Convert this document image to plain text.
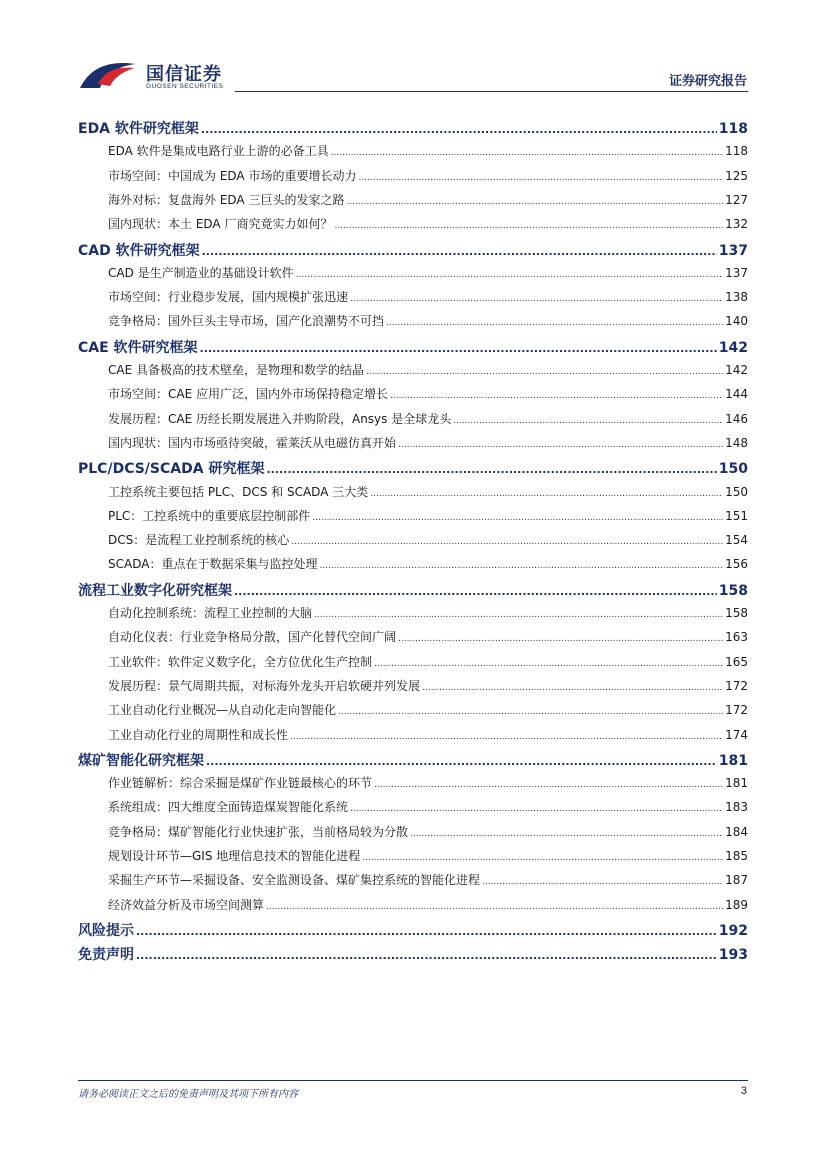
国信证券
GUOSEN SECURITIES	证券研究报告
EDA 软件研究框架 .....	118
EDA 软件是集成电路行业上游的必备工具 .....	118
市场空间：中国成为 EDA 市场的重要增长动力 .....	125
海外对标：复盘海外 EDA 三巨头的发家之路 .....	127
国内现状：本土 EDA 厂商究竟实力如何？ .....	132
CAD 软件研究框架 .....	137
CAD 是生产制造业的基础设计软件 .....	137
市场空间：行业稳步发展，国内规模扩张迅速 .....	138
竞争格局：国外巨头主导市场，国产化浪潮势不可挡 .....	140
CAE 软件研究框架 .....	142
CAE 具备极高的技术壁垒，是物理和数学的结晶 .....	142
市场空间：CAE 应用广泛，国内外市场保持稳定增长 .....	144
发展历程：CAE 历经长期发展进入并购阶段，Ansys 是全球龙头 .....	146
国内现状：国内市场亟待突破，霍莱沃从电磁仿真开始 .....	148
PLC/DCS/SCADA 研究框架 .....	150
工控系统主要包括 PLC、DCS 和 SCADA 三大类 .....	150
PLC：工控系统中的重要底层控制部件 .....	151
DCS：是流程工业控制系统的核心 .....	154
SCADA：重点在于数据采集与监控处理 .....	156
流程工业数字化研究框架 .....	158
自动化控制系统：流程工业控制的大脑 .....	158
自动化仪表：行业竞争格局分散，国产化替代空间广阔 .....	163
工业软件：软件定义数字化，全方位优化生产控制 .....	165
发展历程：景气周期共振，对标海外龙头开启软硬并列发展 .....	172
工业自动化行业概况—从自动化走向智能化 .....	172
工业自动化行业的周期性和成长性 .....	174
煤矿智能化研究框架 .....	181
作业链解析：综合采掘是煤矿作业链最核心的环节 .....	181
系统组成：四大维度全面铸造煤炭智能化系统 .....	183
竞争格局：煤矿智能化行业快速扩张，当前格局较为分散 .....	184
规划设计环节—GIS 地理信息技术的智能化进程 .....	185
采掘生产环节—采掘设备、安全监测设备、煤矿集控系统的智能化进程 .....	187
经济效益分析及市场空间测算 .....	189
风险提示 .....	192
免责声明 .....	193
请务必阅读正文之后的免责声明及其项下所有内容	3
